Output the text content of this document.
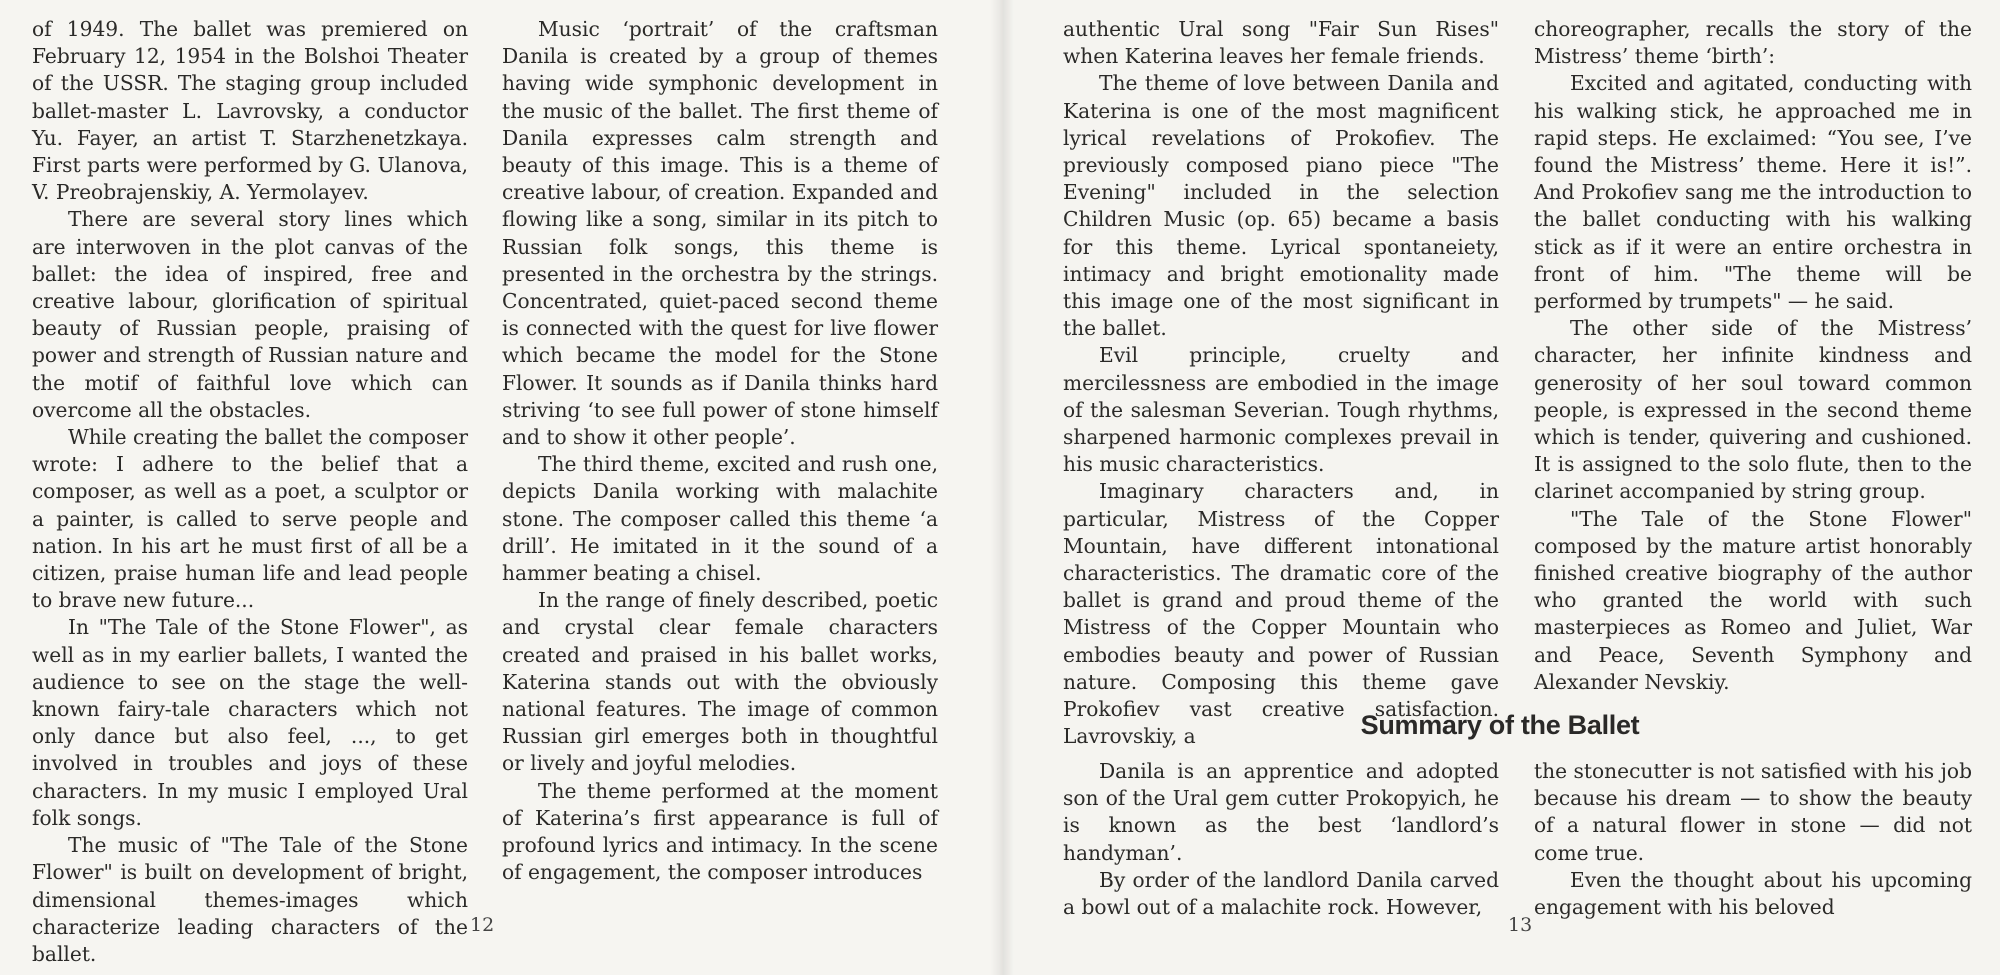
of 1949. The ballet was premiered on February 12, 1954 in the Bolshoi Theater of the USSR. The staging group included ballet-master L. Lavrovsky, a conductor Yu. Fayer, an artist T. Starzhenetzkaya. First parts were performed by G. Ulanova, V. Preobrajenskiy, A. Yermolayev.

There are several story lines which are interwoven in the plot canvas of the ballet: the idea of inspired, free and creative labour, glorification of spiritual beauty of Russian people, praising of power and strength of Russian nature and the motif of faithful love which can overcome all the obstacles.

While creating the ballet the composer wrote: I adhere to the belief that a composer, as well as a poet, a sculptor or a painter, is called to serve people and nation. In his art he must first of all be a citizen, praise human life and lead people to brave new future...

In "The Tale of the Stone Flower", as well as in my earlier ballets, I wanted the audience to see on the stage the well-known fairy-tale characters which not only dance but also feel, ..., to get involved in troubles and joys of these characters. In my music I employed Ural folk songs.

The music of "The Tale of the Stone Flower" is built on development of bright, dimensional themes-images which characterize leading characters of the ballet.

Music ‘portrait’ of the craftsman Danila is created by a group of themes having wide symphonic development in the music of the ballet. The first theme of Danila expresses calm strength and beauty of this image. This is a theme of creative labour, of creation. Expanded and flowing like a song, similar in its pitch to Russian folk songs, this theme is presented in the orchestra by the strings. Concentrated, quiet-paced second theme is connected with the quest for live flower which became the model for the Stone Flower. It sounds as if Danila thinks hard striving ‘to see full power of stone himself and to show it other people’.

The third theme, excited and rush one, depicts Danila working with malachite stone. The composer called this theme ‘a drill’. He imitated in it the sound of a hammer beating a chisel.

In the range of finely described, poetic and crystal clear female characters created and praised in his ballet works, Katerina stands out with the obviously national features. The image of common Russian girl emerges both in thoughtful or lively and joyful melodies.

The theme performed at the moment of Katerina’s first appearance is full of profound lyrics and intimacy. In the scene of engagement, the composer introduces

12

authentic Ural song "Fair Sun Rises" when Katerina leaves her female friends.

The theme of love between Danila and Katerina is one of the most magnificent lyrical revelations of Prokofiev. The previously composed piano piece "The Evening" included in the selection Children Music (op. 65) became a basis for this theme. Lyrical spontaneiety, intimacy and bright emotionality made this image one of the most significant in the ballet.

Evil principle, cruelty and mercilessness are embodied in the image of the salesman Severian. Tough rhythms, sharpened harmonic complexes prevail in his music characteristics.

Imaginary characters and, in particular, Mistress of the Copper Mountain, have different intonational characteristics. The dramatic core of the ballet is grand and proud theme of the Mistress of the Copper Mountain who embodies beauty and power of Russian nature. Composing this theme gave Prokofiev vast creative satisfaction. Lavrovskiy, a

choreographer, recalls the story of the Mistress’ theme ‘birth’:

Excited and agitated, conducting with his walking stick, he approached me in rapid steps. He exclaimed: “You see, I’ve found the Mistress’ theme. Here it is!”. And Prokofiev sang me the introduction to the ballet conducting with his walking stick as if it were an entire orchestra in front of him. "The theme will be performed by trumpets" — he said.

The other side of the Mistress’ character, her infinite kindness and generosity of her soul toward common people, is expressed in the second theme which is tender, quivering and cushioned. It is assigned to the solo flute, then to the clarinet accompanied by string group.

"The Tale of the Stone Flower" composed by the mature artist honorably finished creative biography of the author who granted the world with such masterpieces as Romeo and Juliet, War and Peace, Seventh Symphony and Alexander Nevskiy.

Danila is an apprentice and adopted son of the Ural gem cutter Prokopyich, he is known as the best ‘landlord’s handyman’.

By order of the landlord Danila carved a bowl out of a malachite rock. However,

the stonecutter is not satisfied with his job because his dream — to show the beauty of a natural flower in stone — did not come true.

Even the thought about his upcoming engagement with his beloved

Summary of the Ballet
13
